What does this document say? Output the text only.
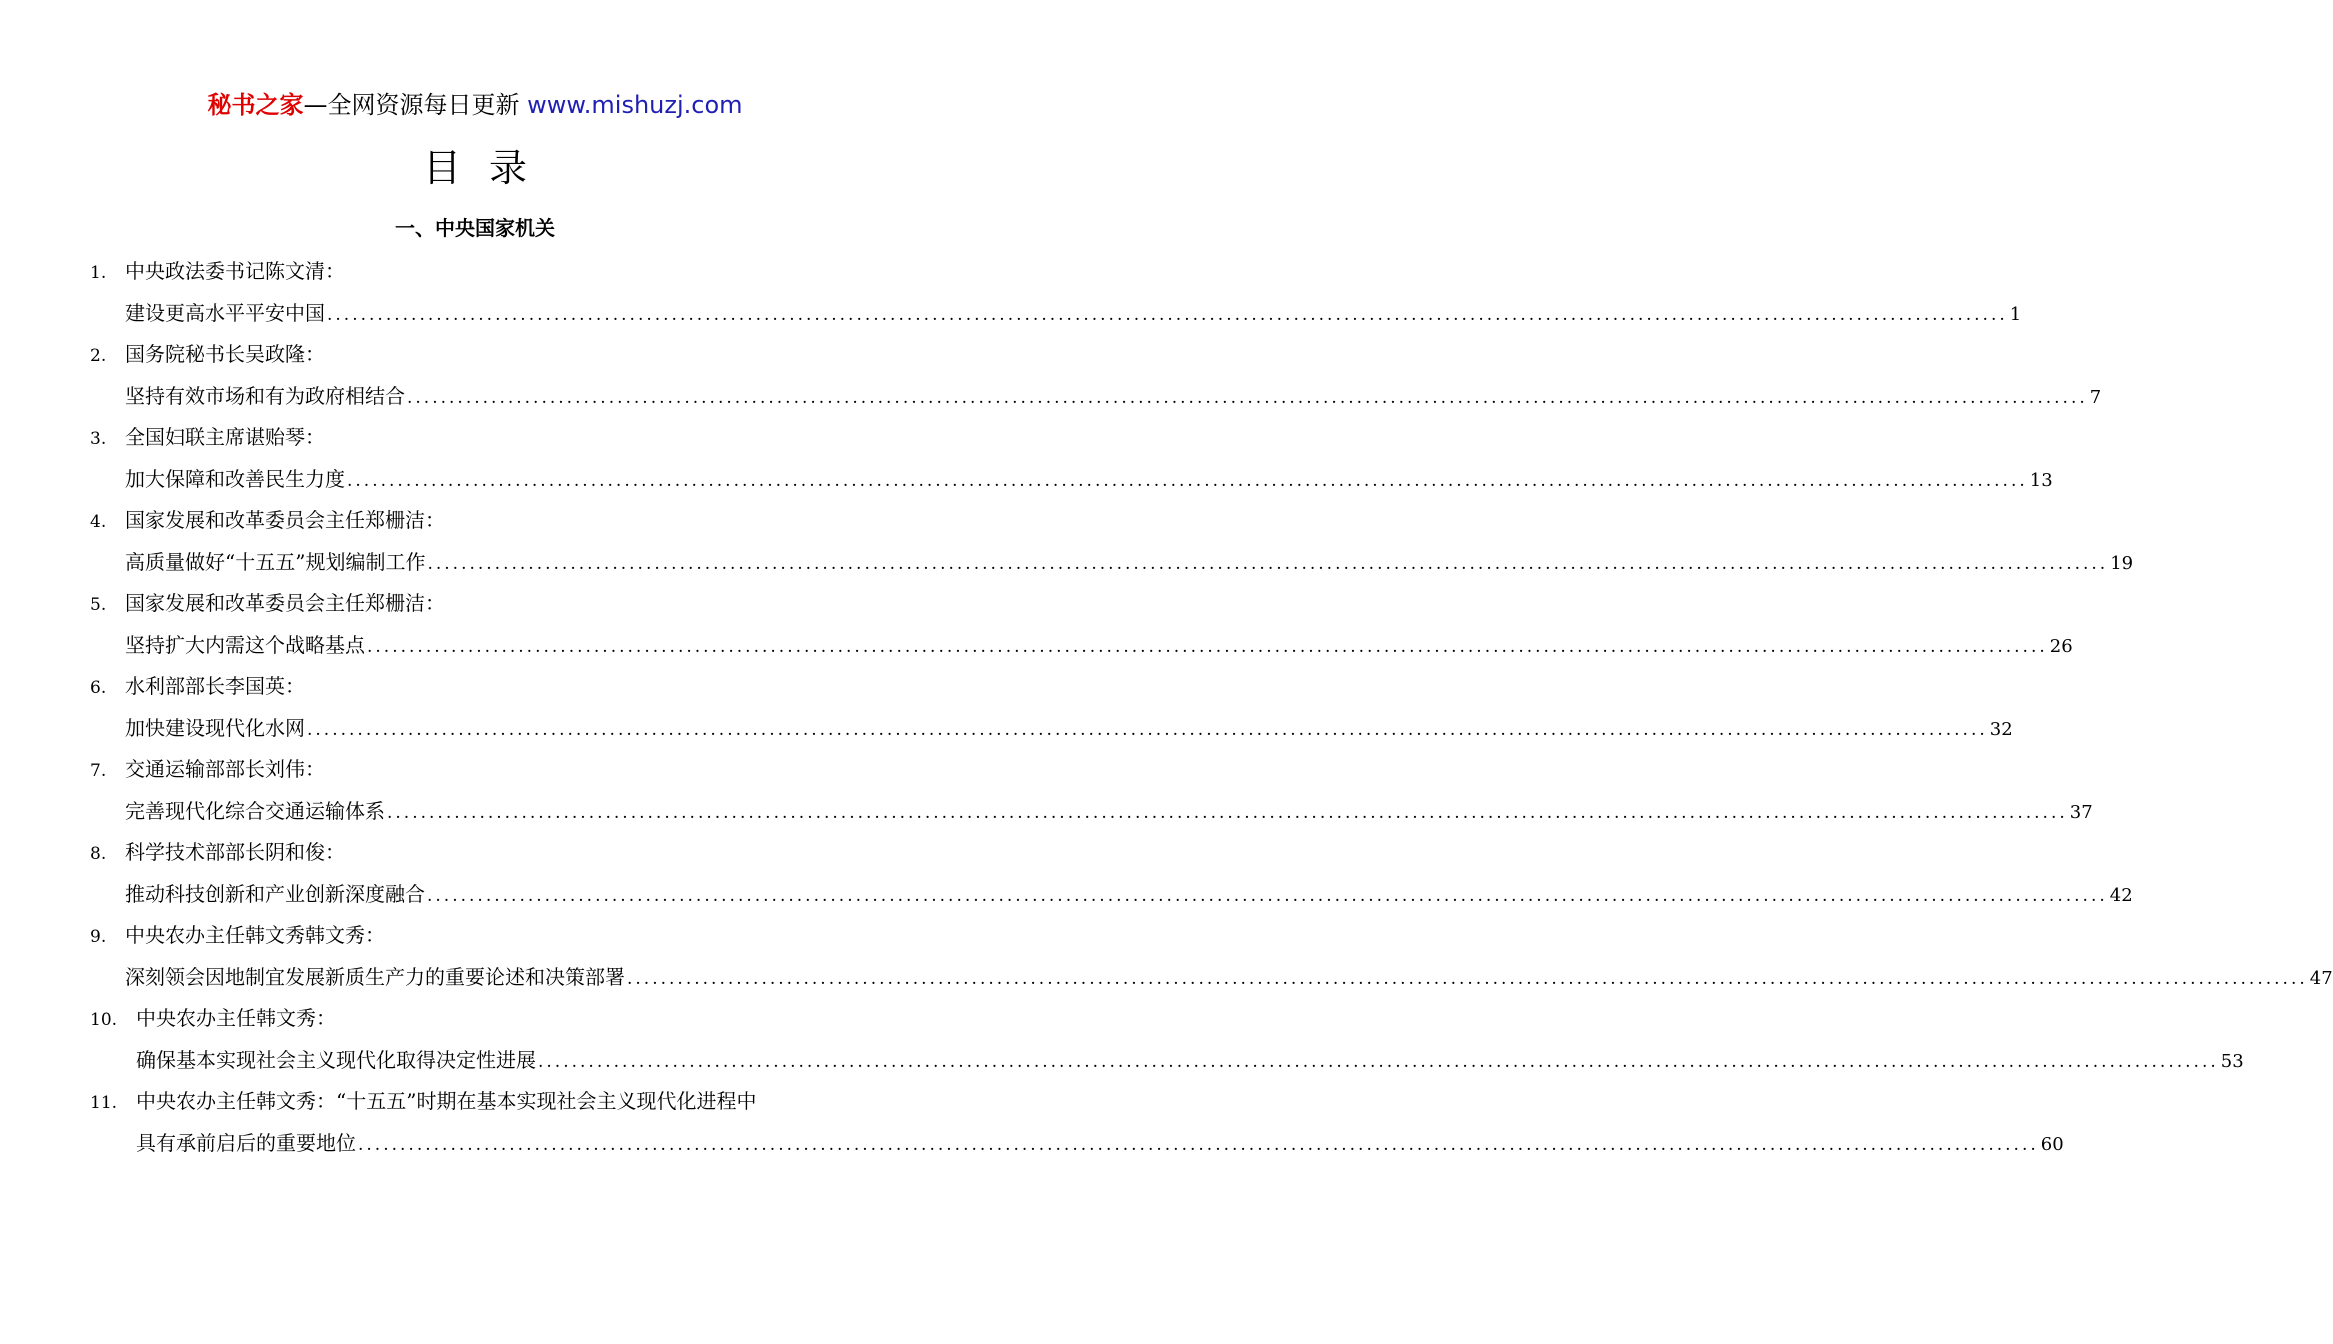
秘书之家—全网资源每日更新 www.mishuzj.com
目录
一、中央国家机关
1. 中央政法委书记陈文清：
建设更高水平平安中国 ........................................................................................................................................................................................................ 1
2. 国务院秘书长吴政隆：
坚持有效市场和有为政府相结合 ........................................................................................................................................................................................................ 7
3. 全国妇联主席谌贻琴：
加大保障和改善民生力度 ........................................................................................................................................................................................................ 13
4. 国家发展和改革委员会主任郑栅洁：
高质量做好“十五五”规划编制工作 ........................................................................................................................................................................................................ 19
5. 国家发展和改革委员会主任郑栅洁：
坚持扩大内需这个战略基点 ........................................................................................................................................................................................................ 26
6. 水利部部长李国英：
加快建设现代化水网 ........................................................................................................................................................................................................ 32
7. 交通运输部部长刘伟：
完善现代化综合交通运输体系 ........................................................................................................................................................................................................ 37
8. 科学技术部部长阴和俊：
推动科技创新和产业创新深度融合 ........................................................................................................................................................................................................ 42
9. 中央农办主任韩文秀韩文秀：
深刻领会因地制宜发展新质生产力的重要论述和决策部署 ........................................................................................................................................................................................................ 47
10. 中央农办主任韩文秀：
确保基本实现社会主义现代化取得决定性进展 ........................................................................................................................................................................................................ 53
11. 中央农办主任韩文秀：“十五五”时期在基本实现社会主义现代化进程中
具有承前启后的重要地位 ........................................................................................................................................................................................................ 60
